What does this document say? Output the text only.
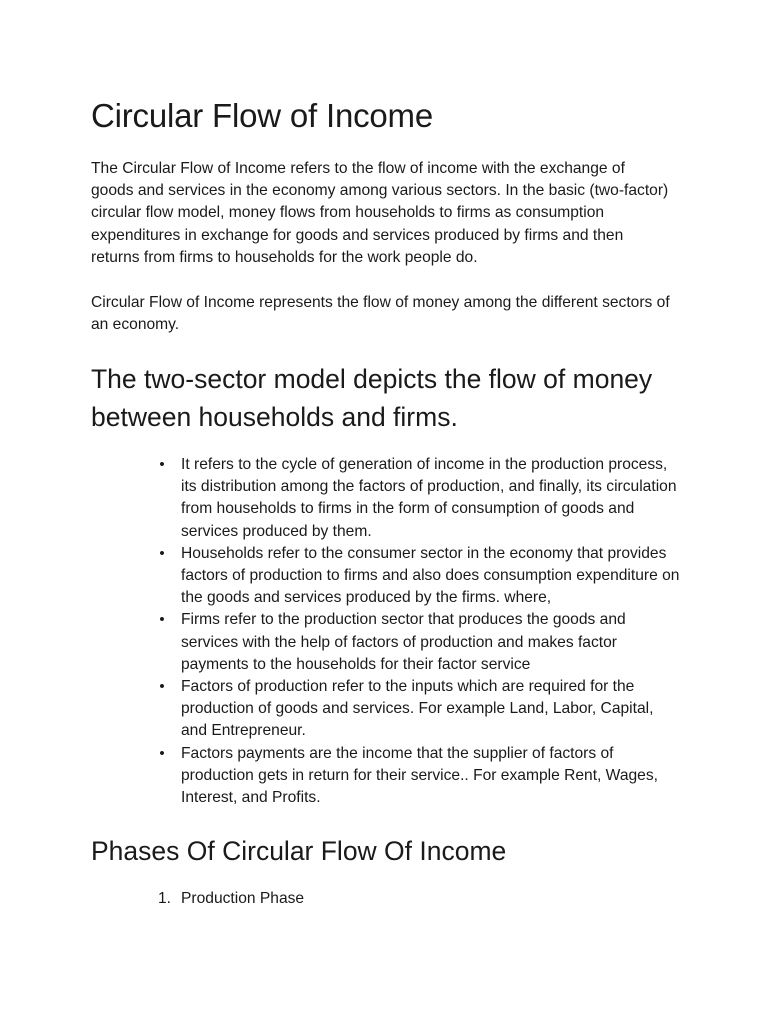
Circular Flow of Income

The Circular Flow of Income refers to the flow of income with the exchange of goods and services in the economy among various sectors. In the basic (two-factor) circular flow model, money flows from households to firms as consumption expenditures in exchange for goods and services produced by firms and then returns from firms to households for the work people do.

Circular Flow of Income represents the flow of money among the different sectors of an economy.

The two-sector model depicts the flow of money between households and firms.
• It refers to the cycle of generation of income in the production process, its distribution among the factors of production, and finally, its circulation from households to firms in the form of consumption of goods and services produced by them.
• Households refer to the consumer sector in the economy that provides factors of production to firms and also does consumption expenditure on the goods and services produced by the firms. where,
• Firms refer to the production sector that produces the goods and services with the help of factors of production and makes factor payments to the households for their factor service
• Factors of production refer to the inputs which are required for the production of goods and services. For example Land, Labor, Capital, and Entrepreneur.
• Factors payments are the income that the supplier of factors of production gets in return for their service.. For example Rent, Wages, Interest, and Profits.
Phases Of Circular Flow Of Income
1. Production Phase
